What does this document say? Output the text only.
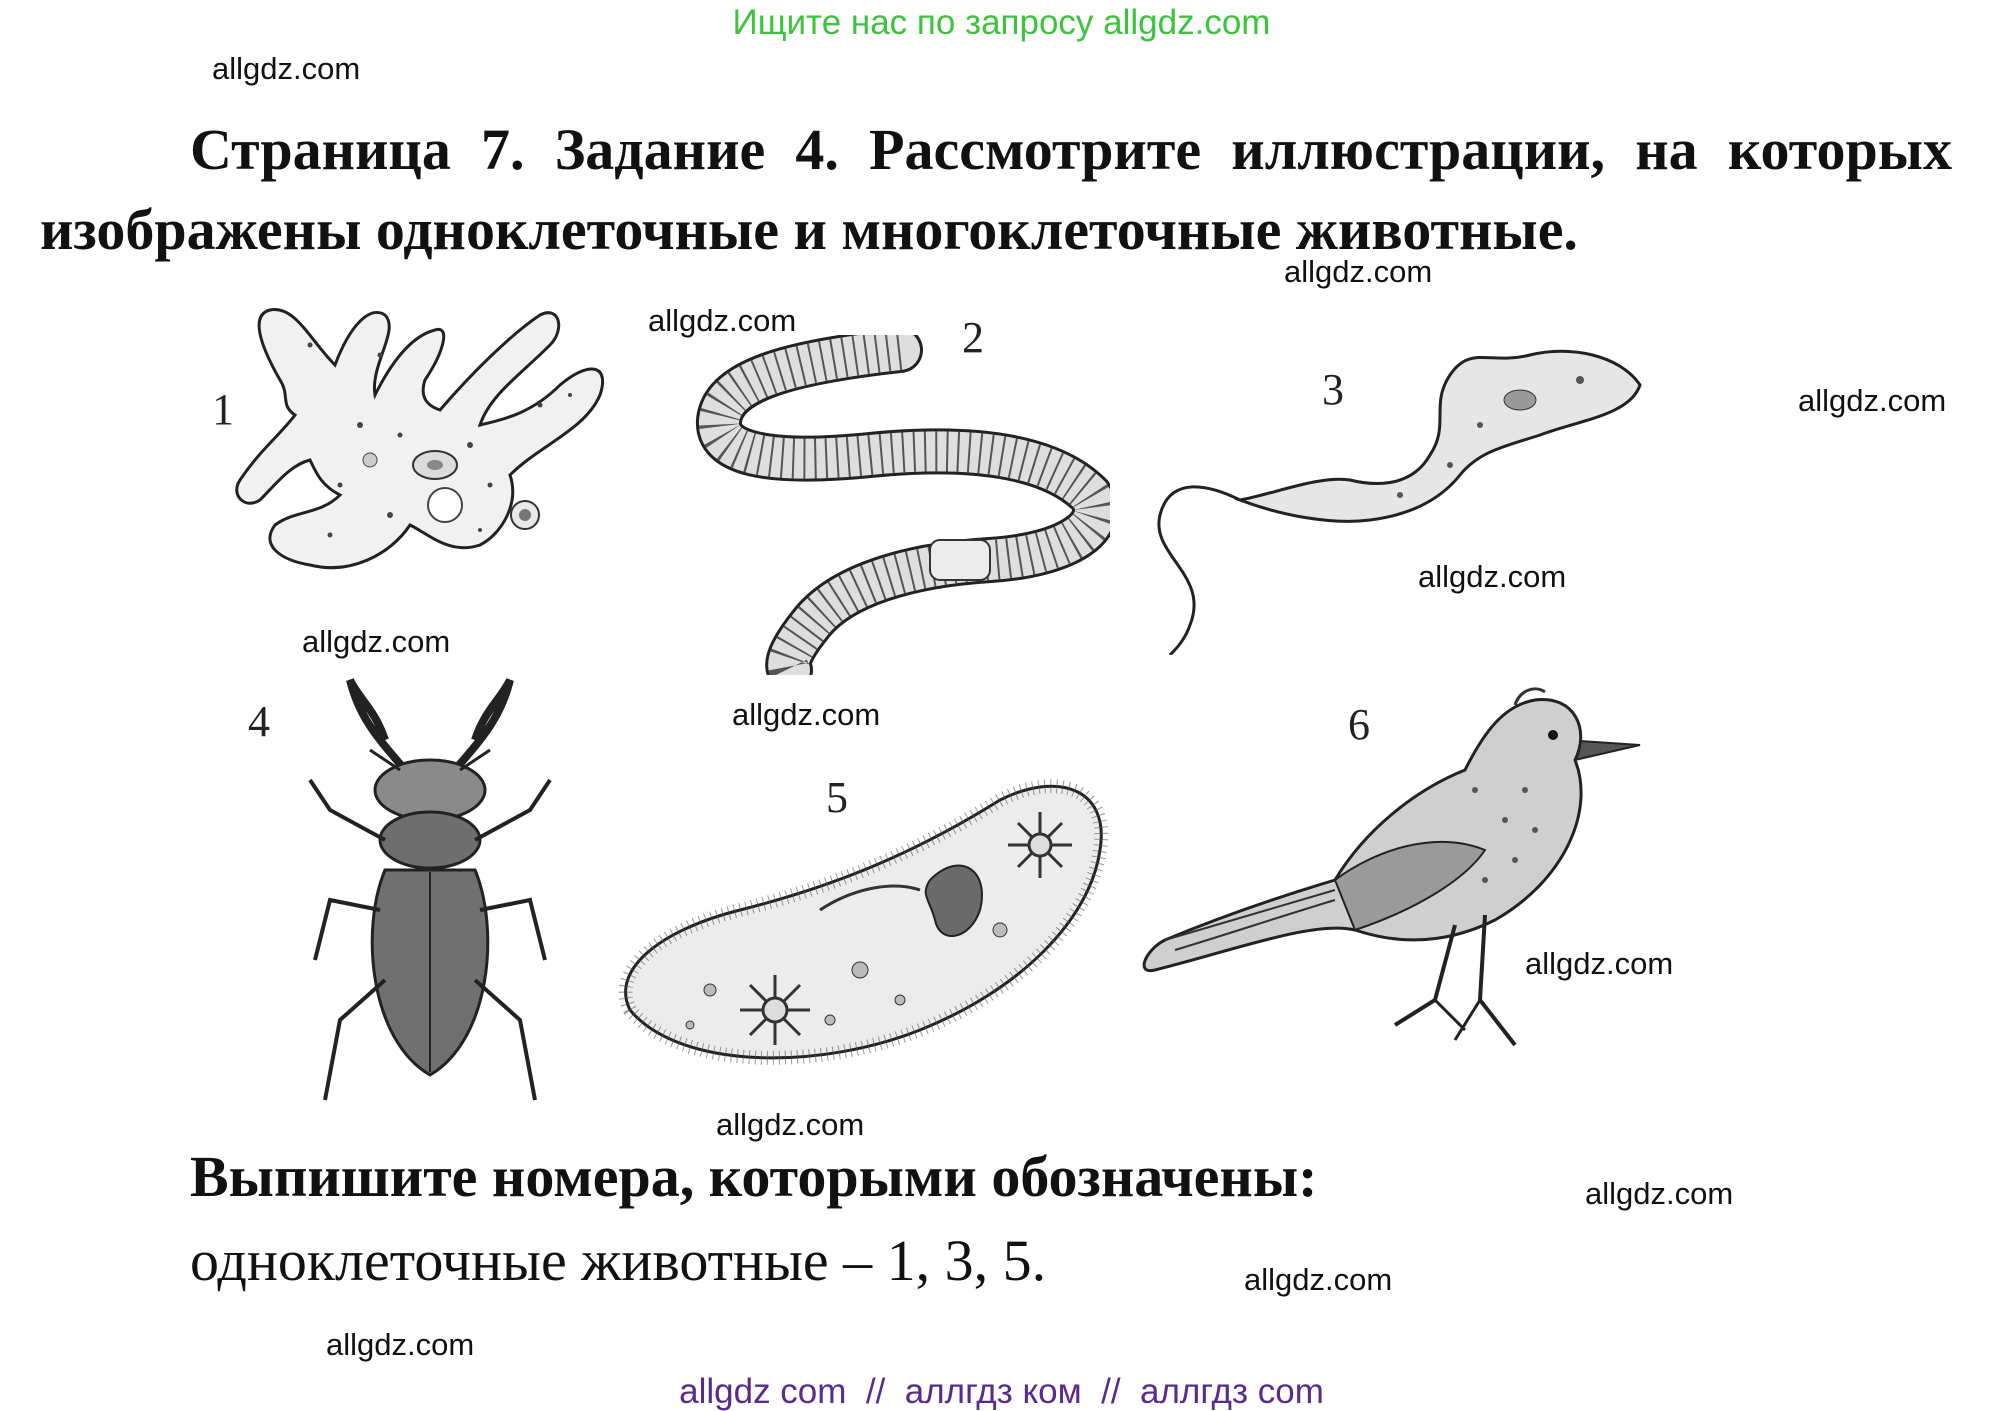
Ищите нас по запросу allgdz.com
Страница 7. Задание 4. Рассмотрите иллюстрации, на которых
изображены одноклеточные и многоклеточные животные.
1
2
3
4
5
6
allgdz.com
allgdz.com
allgdz.com
allgdz.com
allgdz.com
allgdz.com
allgdz.com
allgdz.com
allgdz.com
allgdz.com
allgdz.com
allgdz.com
Выпишите номера, которыми обозначены:
одноклеточные животные – 1, 3, 5.
allgdz com  //  аллгдз ком  //  аллгдз com
